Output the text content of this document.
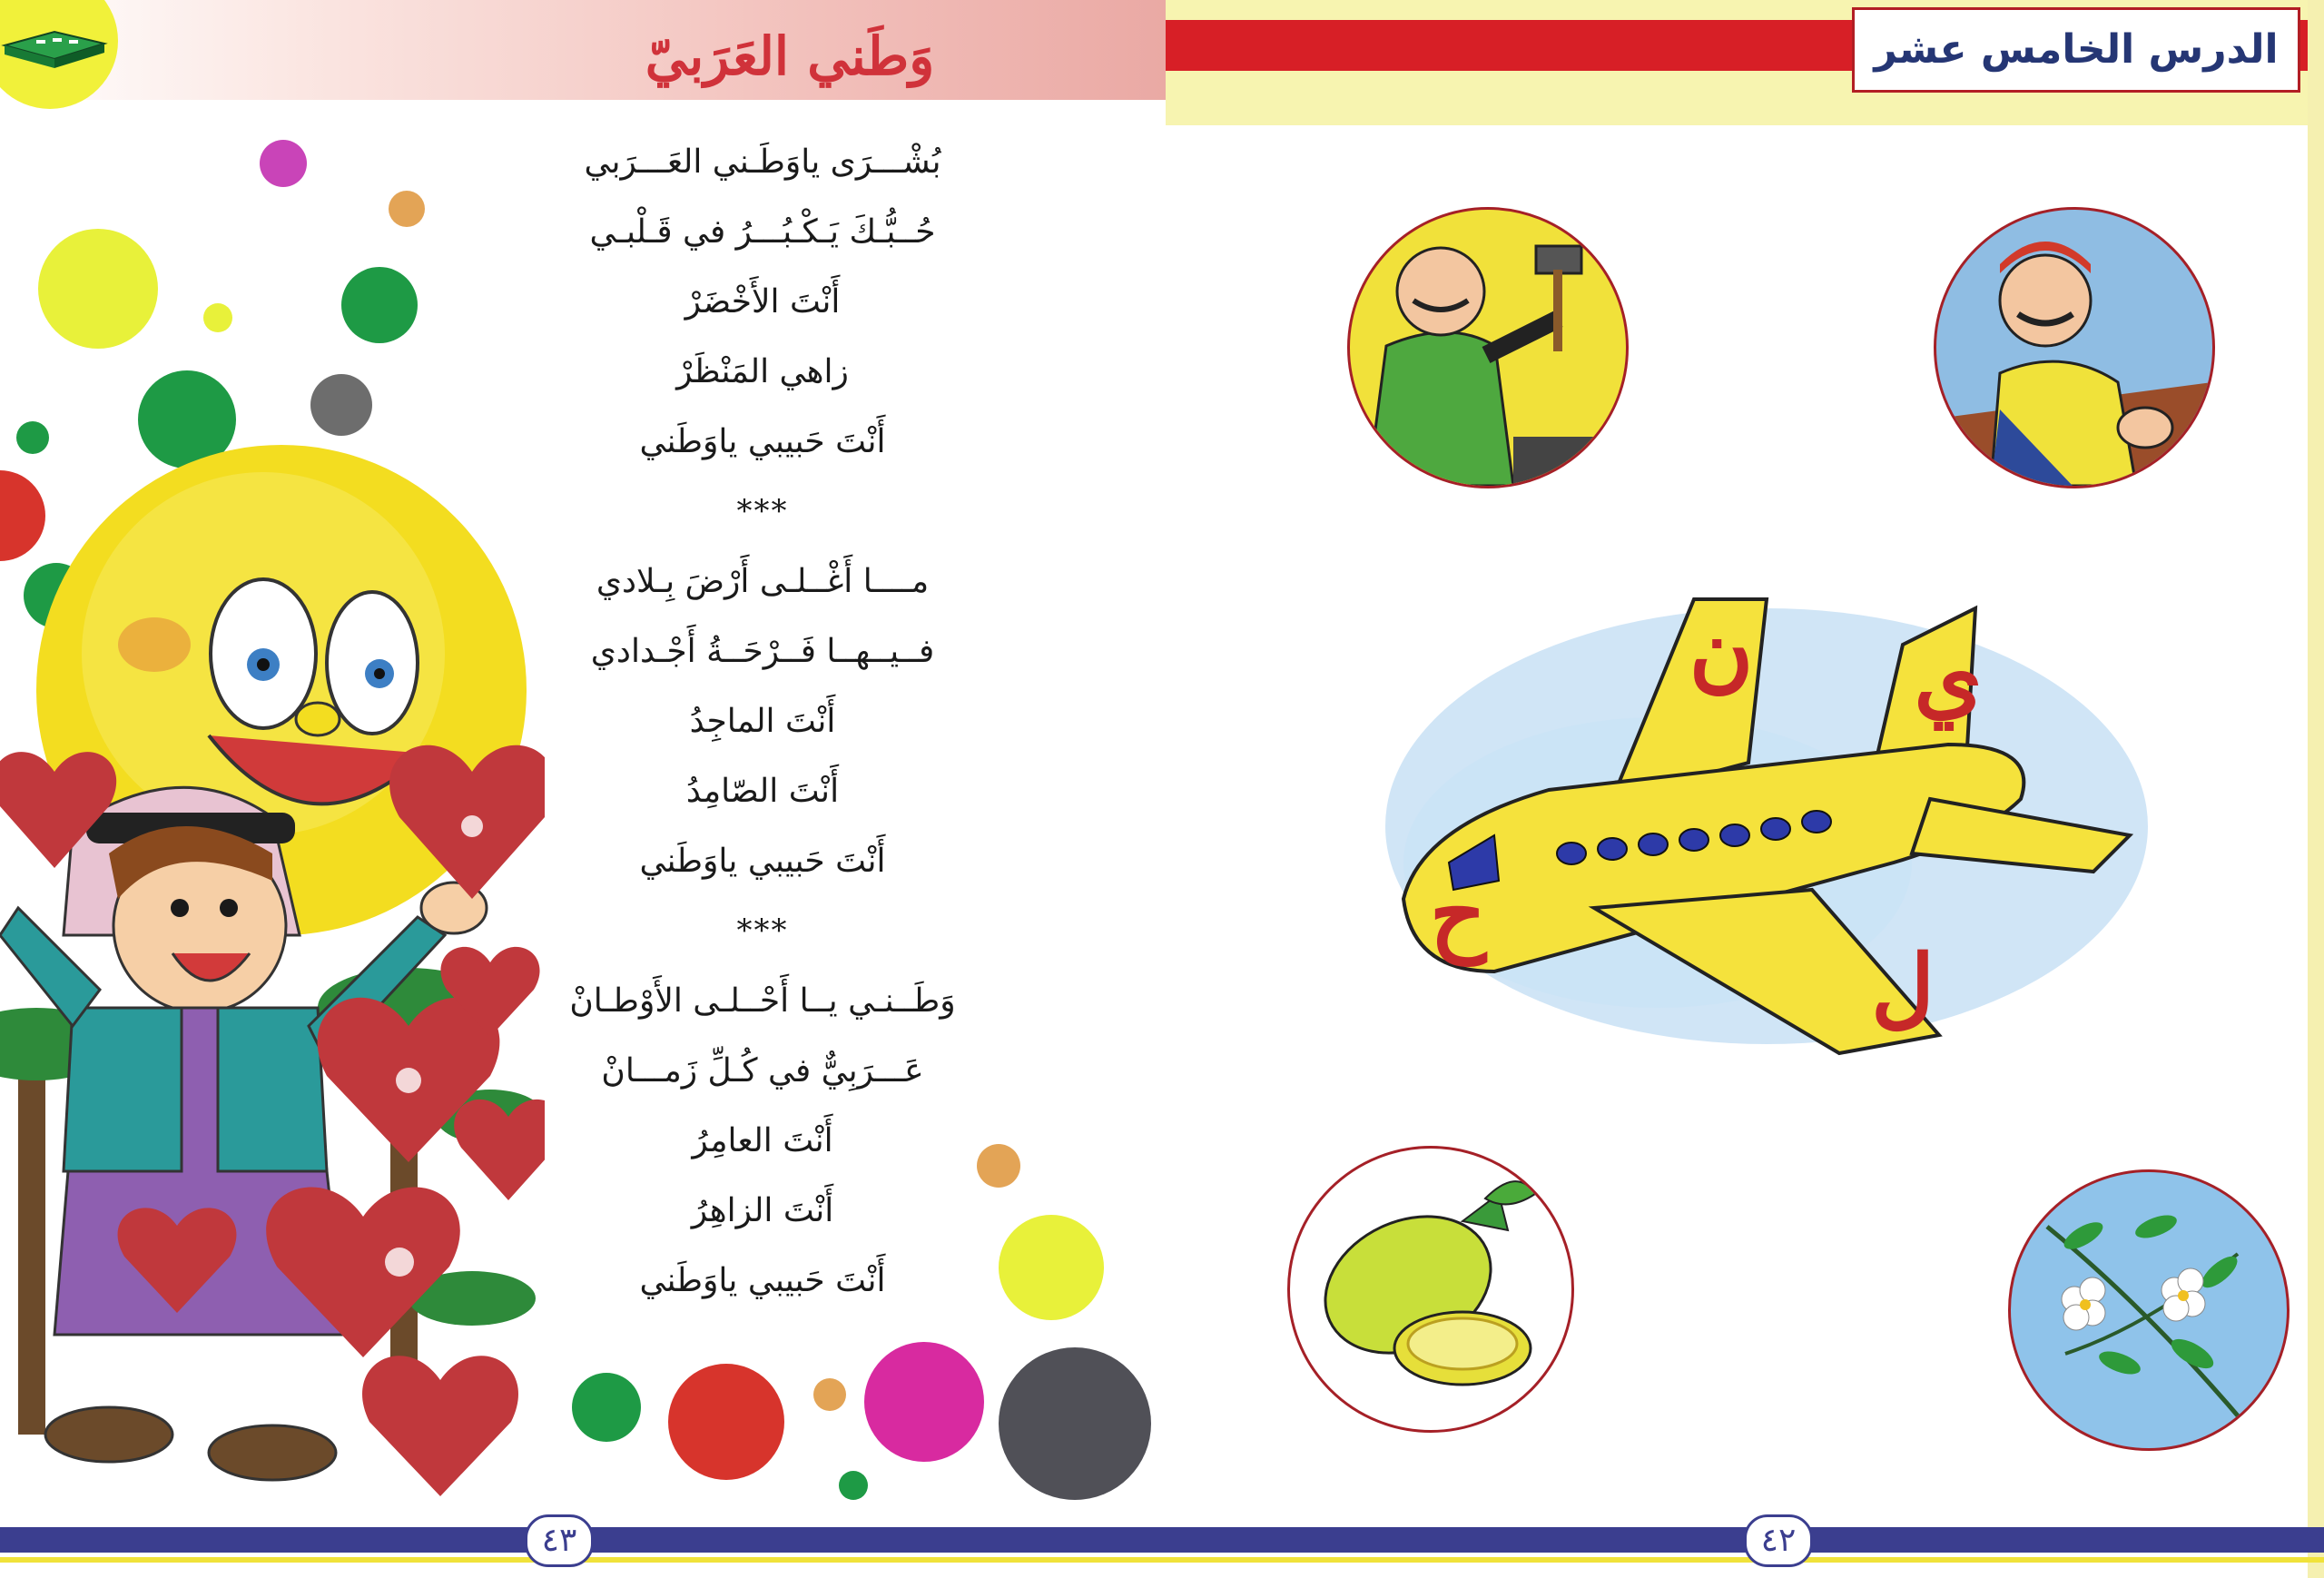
وَطَني العَرَبيّ
بُشْـــرَى ياوَطَـني العَـــرَبي
حُــبُّـكَ يَـكْـبُـــرُ في قَـلْبـي
أَنْتَ الأَخْضَرْ
زاهي المَنْظَرْ
أَنْتَ حَبيبي ياوَطَني
***
مــــا أَغْــلـى أَرْضَ بِـلادي
فــيــهــا فَــرْحَــةُ أَجْـدادي
أَنْتَ الماجِدُ
أَنْتَ الصّامِدُ
أَنْتَ حَبيبي ياوَطَني
***
وَطَــنـي يــا أَحْــلـى الأَوْطـانْ
عَـــرَبِيٌّ في كُـلِّ زَمـــانْ
أَنْتَ العامِرُ
أَنْتَ الزاهِرُ
أَنْتَ حَبيبي ياوَطَني
٤٣
الدرس الخامس عشر
ي
ن
ح
ل
٤٢
